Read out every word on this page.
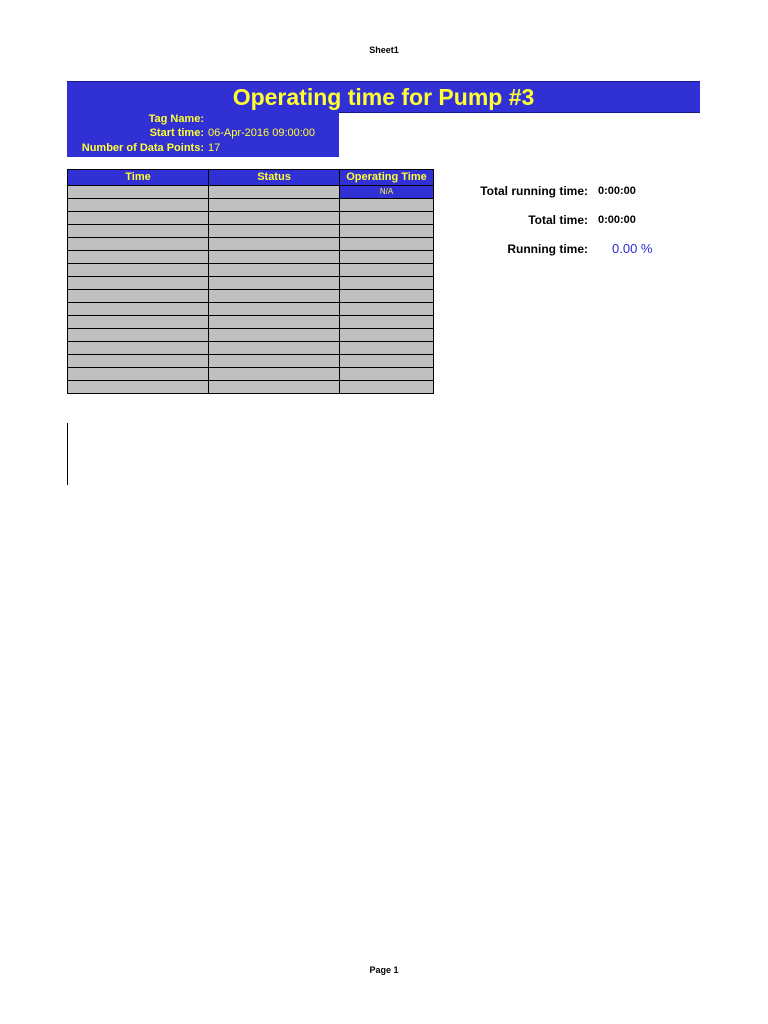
Sheet1
Operating time for Pump #3
Tag Name:
Start time: 06-Apr-2016 09:00:00
Number of Data Points: 17
Time	Status	Operating Time
		N/A

			Total running time: 0:00:00
Total time: 0:00:00
Running time: 0.00 %
Page 1
